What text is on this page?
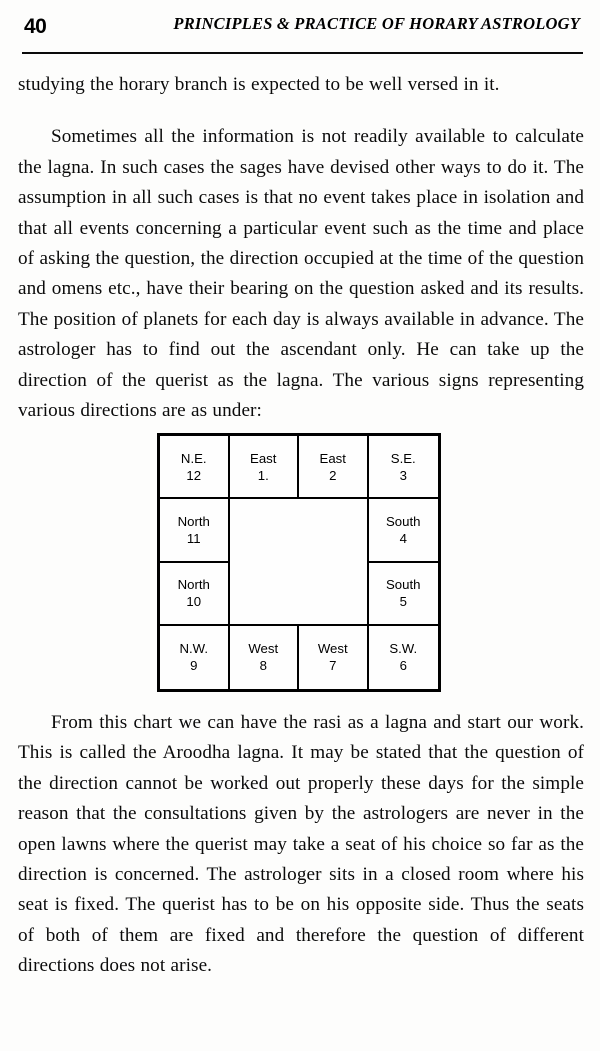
40	PRINCIPLES & PRACTICE OF HORARY ASTROLOGY

studying the horary branch is expected to be well versed in it.

Sometimes all the information is not readily available to calculate the lagna. In such cases the sages have devised other ways to do it. The assumption in all such cases is that no event takes place in isolation and that all events concerning a particular event such as the time and place of asking the question, the direction occupied at the time of the question and omens etc., have their bearing on the question asked and its results. The position of planets for each day is always available in advance. The astrologer has to find out the ascendant only. He can take up the direction of the querist as the lagna. The various signs representing various directions are as under:

N.E.
12
East
1.
East
2
S.E.
3
North
11
South
4
North
10
South
5
N.W.
9
West
8
West
7
S.W.
6

From this chart we can have the rasi as a lagna and start our work. This is called the Aroodha lagna. It may be stated that the question of the direction cannot be worked out properly these days for the simple reason that the consultations given by the astrologers are never in the open lawns where the querist may take a seat of his choice so far as the direction is concerned. The astrologer sits in a closed room where his seat is fixed. The querist has to be on his opposite side. Thus the seats of both of them are fixed and therefore the question of different directions does not arise.
